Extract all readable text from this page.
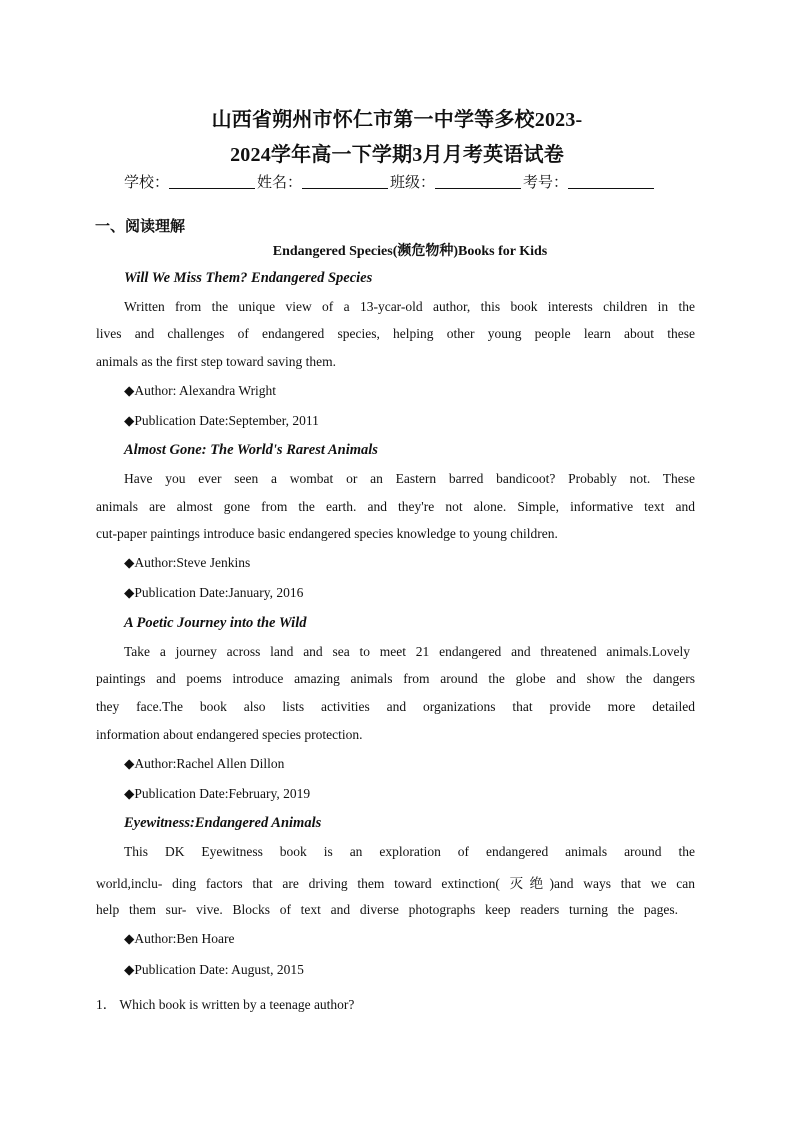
山西省朔州市怀仁市第一中学等多校2023-
2024学年高一下学期3月月考英语试卷
学校：	姓名：	班级：	考号：
一、阅读理解
Endangered Species(濒危物种)Books for Kids
Will We Miss Them? Endangered Species
Written from the unique view of a 13-ycar-old author, this book interests children in the
lives and challenges of endangered species, helping other young people learn about these
animals as the first step toward saving them.
◆Author: Alexandra Wright
◆Publication Date:September, 2011
Almost Gone: The World's Rarest Animals
Have you ever seen a wombat or an Eastern barred bandicoot? Probably not. These
animals are almost gone from the earth. and they're not alone. Simple, informative text and
cut-paper paintings introduce basic endangered species knowledge to young children.
◆Author:Steve Jenkins
◆Publication Date:January, 2016
A Poetic Journey into the Wild
Take a journey across land and sea to meet 21 endangered and threatened animals.Lovely
paintings and poems introduce amazing animals from around the globe and show the dangers
they face.The book also lists activities and organizations that provide more detailed
information about endangered species protection.
◆Author:Rachel Allen Dillon
◆Publication Date:February, 2019
Eyewitness:Endangered Animals
This DK Eyewitness book is an exploration of endangered animals around the
world,inclu- ding factors that are driving them toward extinction( 灭绝)and ways that we can
help them sur- vive. Blocks of text and diverse photographs keep readers turning the pages.
◆Author:Ben Hoare
◆Publication Date: August, 2015
1． Which book is written by a teenage author?
